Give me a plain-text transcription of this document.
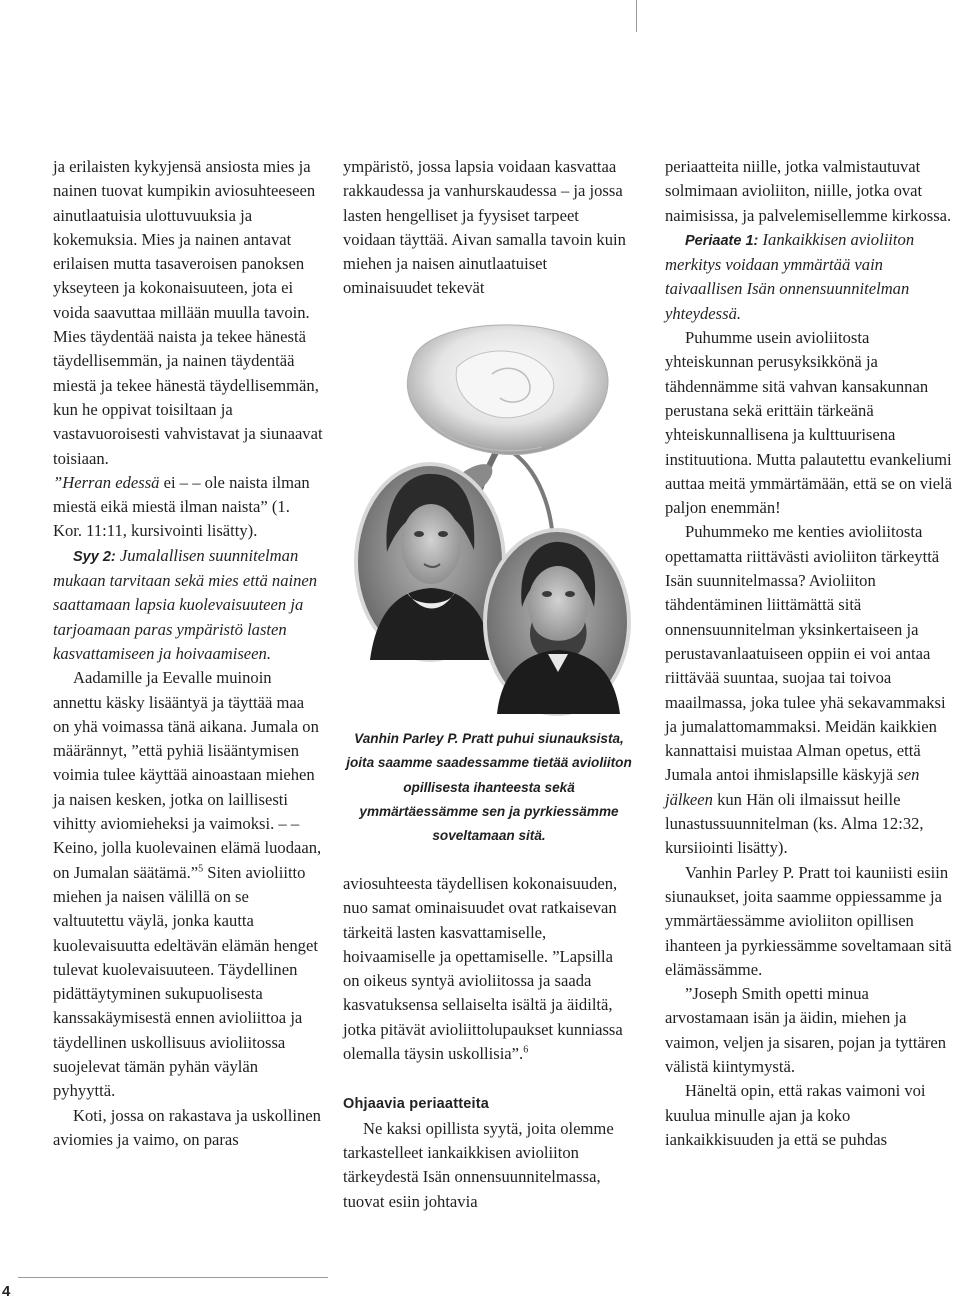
ja erilaisten kykyjensä ansiosta mies ja nainen tuovat kumpikin aviosuhteeseen ainutlaatuisia ulottuvuuksia ja kokemuksia. Mies ja nainen antavat erilaisen mutta tasaveroisen panoksen ykseyteen ja kokonaisuuteen, jota ei voida saavuttaa millään muulla tavoin. Mies täydentää naista ja tekee hänestä täydellisemmän, ja nainen täydentää miestä ja tekee hänestä täydellisemmän, kun he oppivat toisiltaan ja vastavuoroisesti vahvistavat ja siunaavat toisiaan.

”Herran edessä ei – – ole naista ilman miestä eikä miestä ilman naista” (1. Kor. 11:11, kursivointi lisätty).

Syy 2: Jumalallisen suunnitelman mukaan tarvitaan sekä mies että nainen saattamaan lapsia kuolevaisuuteen ja tarjoamaan paras ympäristö lasten kasvattamiseen ja hoivaamiseen.

Aadamille ja Eevalle muinoin annettu käsky lisääntyä ja täyttää maa on yhä voimassa tänä aikana. Jumala on määrännyt, ”että pyhiä lisääntymisen voimia tulee käyttää ainoastaan miehen ja naisen kesken, jotka on laillisesti vihitty aviomieheksi ja vaimoksi. – – Keino, jolla kuolevainen elämä luodaan, on Jumalan säätämä.”$^5$ Siten avioliitto miehen ja naisen välillä on se valtuutettu väylä, jonka kautta kuolevaisuutta edeltävän elämän henget tulevat kuolevaisuuteen. Täydellinen pidättäytyminen sukupuolisesta kanssakäymisestä ennen avioliittoa ja täydellinen uskollisuus avioliitossa suojelevat tämän pyhän väylän pyhyyttä.

Koti, jossa on rakastava ja uskollinen aviomies ja vaimo, on paras

ympäristö, jossa lapsia voidaan kasvattaa rakkaudessa ja vanhurskaudessa – ja jossa lasten hengelliset ja fyysiset tarpeet voidaan täyttää. Aivan samalla tavoin kuin miehen ja naisen ainutlaatuiset ominaisuudet tekevät

Vanhin Parley P. Pratt puhui siunauksista, joita saamme saadessamme tietää avioliiton opillisesta ihanteesta sekä ymmärtäessämme sen ja pyrkiessämme soveltamaan sitä.

aviosuhteesta täydellisen kokonaisuuden, nuo samat ominaisuudet ovat ratkaisevan tärkeitä lasten kasvattamiselle, hoivaamiselle ja opettamiselle. ”Lapsilla on oikeus syntyä avioliitossa ja saada kasvatuksensa sellaiselta isältä ja äidiltä, jotka pitävät avioliittolupaukset kunniassa olemalla täysin uskollisia”.$^6$

Ohjaavia periaatteita

Ne kaksi opillista syytä, joita olemme tarkastelleet iankaikkisen avioliiton tärkeydestä Isän onnensuunnitelmassa, tuovat esiin johtavia

periaatteita niille, jotka valmistautuvat solmimaan avioliiton, niille, jotka ovat naimisissa, ja palvelemisellemme kirkossa.

Periaate 1: Iankaikkisen avioliiton merkitys voidaan ymmärtää vain taivaallisen Isän onnensuunnitelman yhteydessä.

Puhumme usein avioliitosta yhteiskunnan perusyksikkönä ja tähdennämme sitä vahvan kansakunnan perustana sekä erittäin tärkeänä yhteiskunnallisena ja kulttuurisena instituutiona. Mutta palautettu evankeliumi auttaa meitä ymmärtämään, että se on vielä paljon enemmän!

Puhummeko me kenties avioliitosta opettamatta riittävästi avioliiton tärkeyttä Isän suunnitelmassa? Avioliiton tähdentäminen liittämättä sitä onnensuunnitelman yksinkertaiseen ja perustavanlaatuiseen oppiin ei voi antaa riittävää suuntaa, suojaa tai toivoa maailmassa, joka tulee yhä sekavammaksi ja jumalattomammaksi. Meidän kaikkien kannattaisi muistaa Alman opetus, että Jumala antoi ihmislapsille käskyjä sen jälkeen kun Hän oli ilmaissut heille lunastussuunnitelman (ks. Alma 12:32, kursiiointi lisätty).

Vanhin Parley P. Pratt toi kauniisti esiin siunaukset, joita saamme oppiessamme ja ymmärtäessämme avioliiton opillisen ihanteen ja pyrkiessämme soveltamaan sitä elämässämme.

”Joseph Smith opetti minua arvostamaan isän ja äidin, miehen ja vaimon, veljen ja sisaren, pojan ja tyttären välistä kiintymystä.

Häneltä opin, että rakas vaimoni voi kuulua minulle ajan ja koko iankaikkisuuden ja että se puhdas

4
